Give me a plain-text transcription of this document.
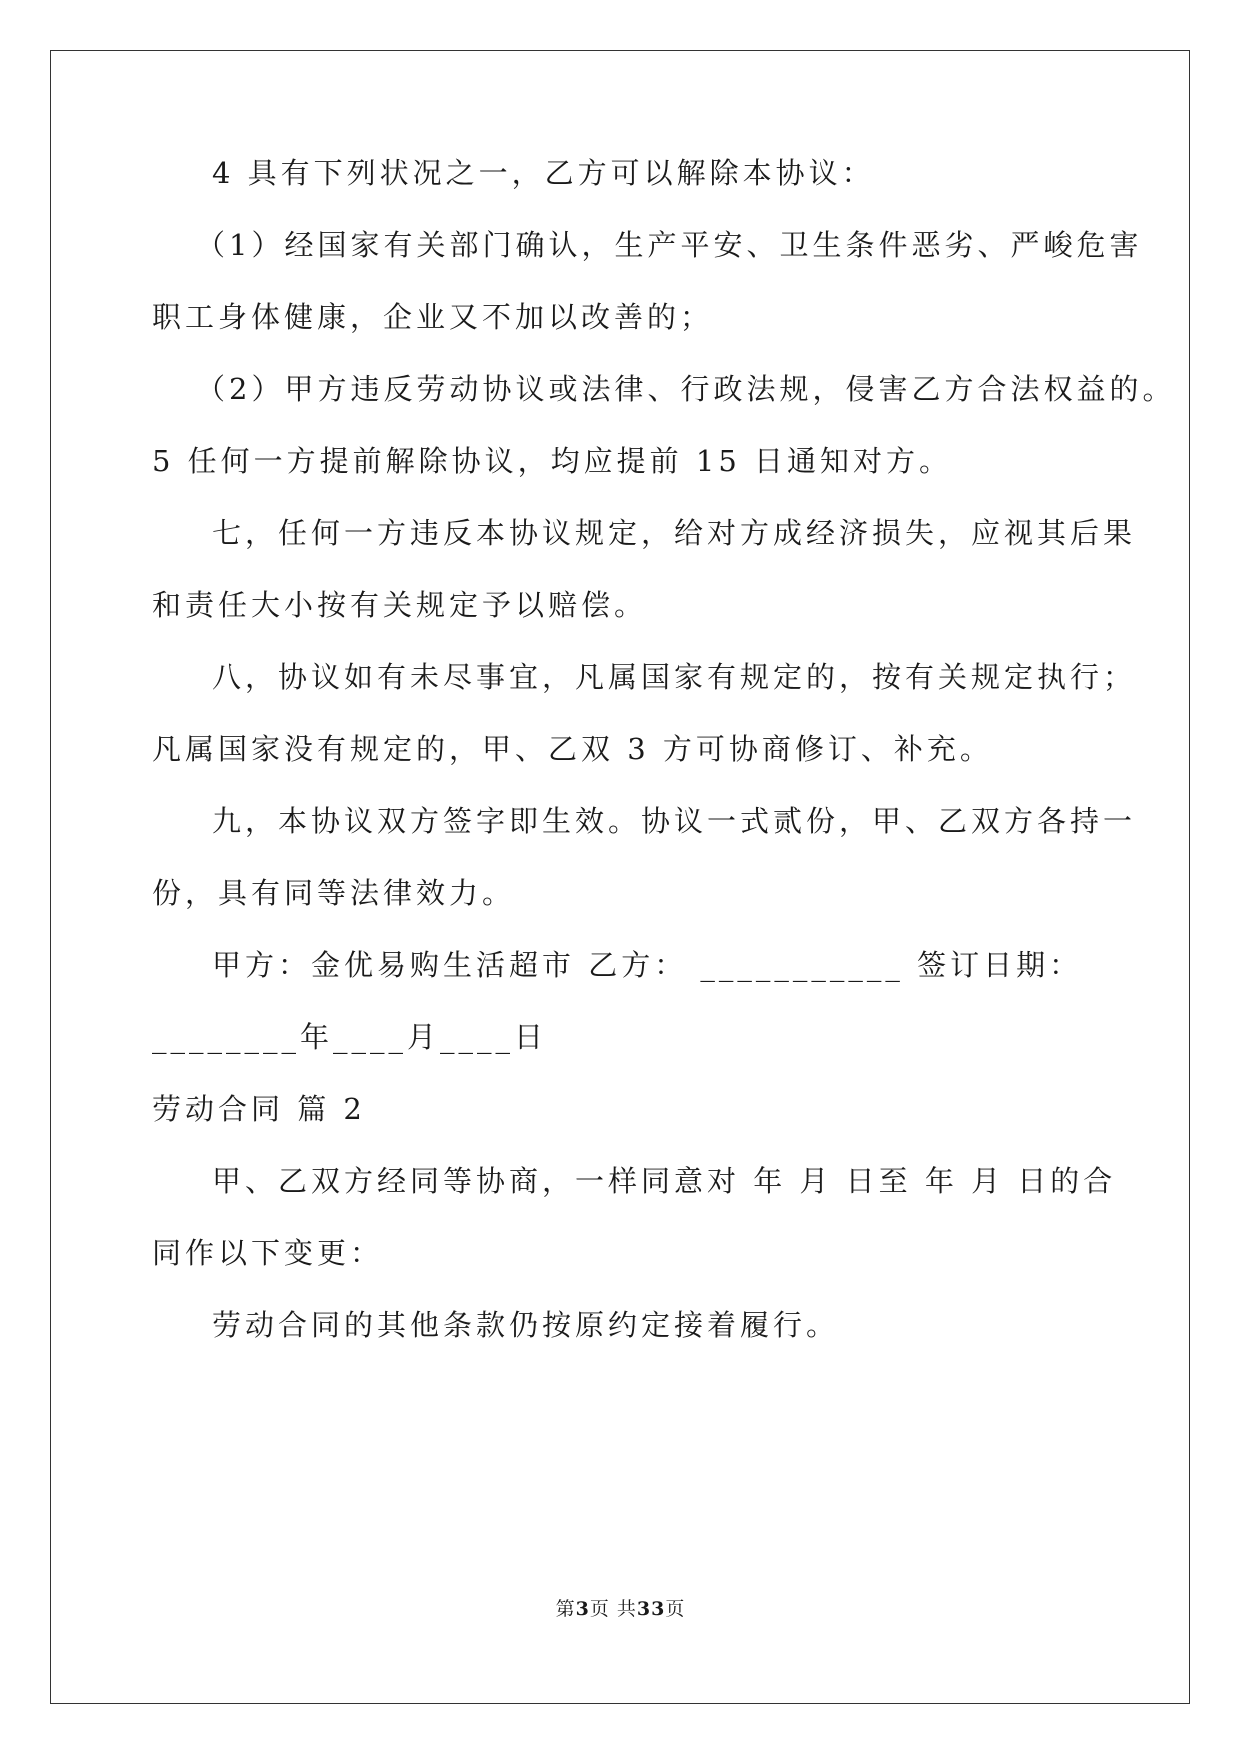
4 具有下列状况之一，乙方可以解除本协议：
（1）经国家有关部门确认，生产平安、卫生条件恶劣、严峻危害
职工身体健康，企业又不加以改善的；
（2）甲方违反劳动协议或法律、行政法规，侵害乙方合法权益的。
5 任何一方提前解除协议，均应提前 15 日通知对方。
七，任何一方违反本协议规定，给对方成经济损失，应视其后果
和责任大小按有关规定予以赔偿。
八，协议如有未尽事宜，凡属国家有规定的，按有关规定执行；
凡属国家没有规定的，甲、乙双 3 方可协商修订、补充。
九，本协议双方签字即生效。协议一式贰份，甲、乙双方各持一
份，具有同等法律效力。
甲方：金优易购生活超市 乙方： ___________ 签订日期：
________年____月____日
劳动合同 篇 2
甲、乙双方经同等协商，一样同意对 年 月 日至 年 月 日的合
同作以下变更：
劳动合同的其他条款仍按原约定接着履行。
第3页 共33页
